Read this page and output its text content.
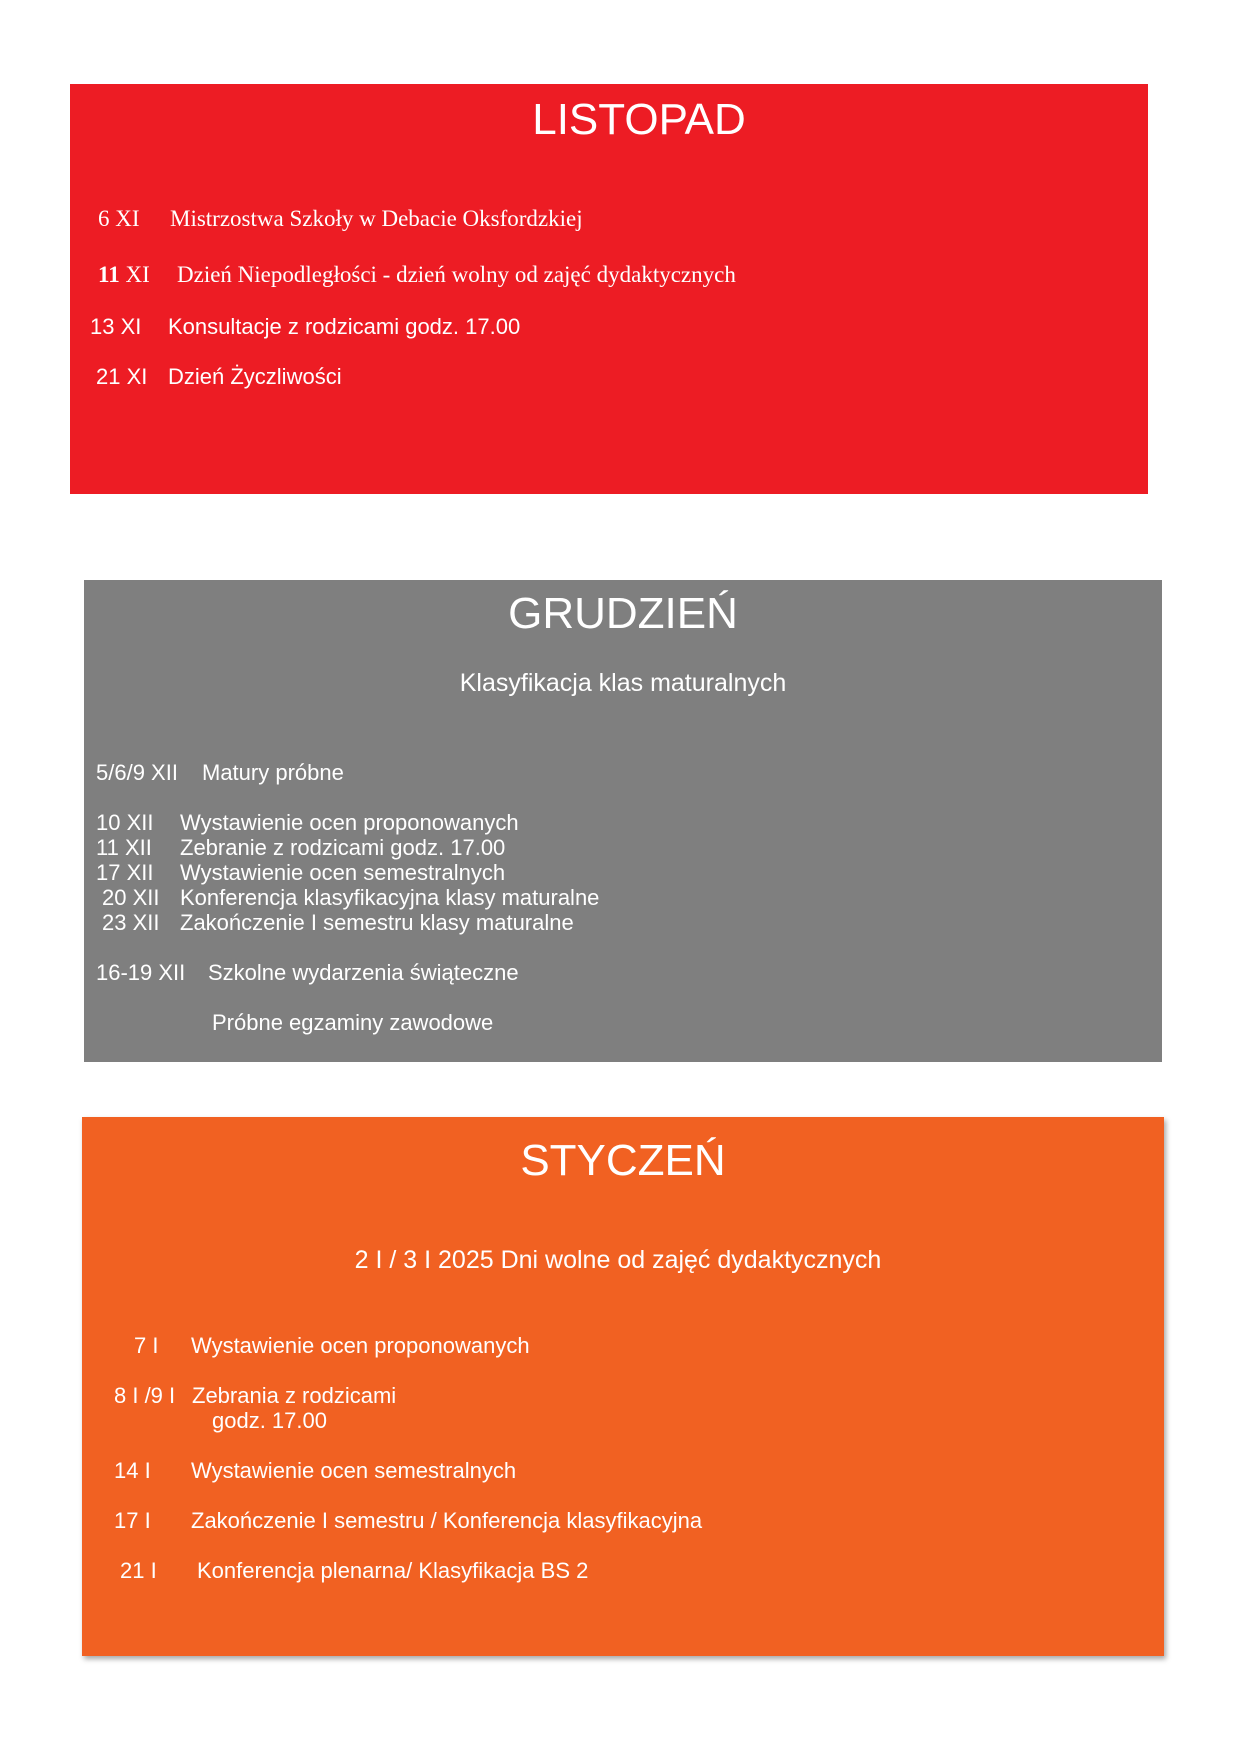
LISTOPAD
6 XI Mistrzostwa Szkoły w Debacie Oksfordzkiej
11 XI Dzień Niepodległości - dzień wolny od zajęć dydaktycznych
13 XI Konsultacje z rodzicami godz. 17.00
21 XI Dzień Życzliwości
GRUDZIEŃ
Klasyfikacja klas maturalnych
5/6/9 XII Matury próbne
10 XII Wystawienie ocen proponowanych
11 XII Zebranie z rodzicami godz. 17.00
17 XII Wystawienie ocen semestralnych
20 XII Konferencja klasyfikacyjna klasy maturalne
23 XII Zakończenie I semestru klasy maturalne
16-19 XII Szkolne wydarzenia świąteczne
Próbne egzaminy zawodowe
STYCZEŃ
2 I / 3 I 2025 Dni wolne od zajęć dydaktycznych
7 I Wystawienie ocen proponowanych
8 I /9 I Zebrania z rodzicami
godz. 17.00
14 I Wystawienie ocen semestralnych
17 I Zakończenie I semestru / Konferencja klasyfikacyjna
21 I Konferencja plenarna/ Klasyfikacja BS 2
